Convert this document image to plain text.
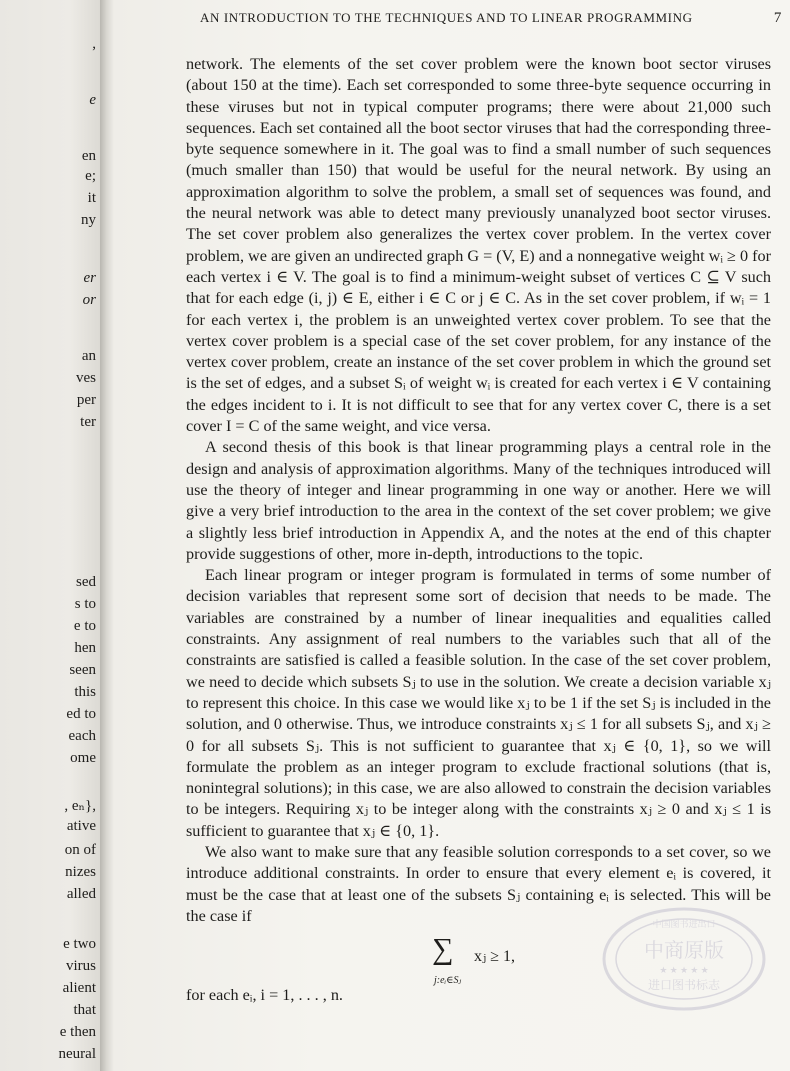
,
e
en
e;
it
ny
er
or
an
ves
per
ter
sed
s to
e to
hen
seen
this
ed to
each
ome
, eₙ},
ative
on of
nizes
alled
e two
virus
alient
that
e then
neural
AN INTRODUCTION TO THE TECHNIQUES AND TO LINEAR PROGRAMMING	7

network. The elements of the set cover problem were the known boot sector viruses (about 150 at the time). Each set corresponded to some three-byte sequence occurring in these viruses but not in typical computer programs; there were about 21,000 such sequences. Each set contained all the boot sector viruses that had the corresponding three-byte sequence somewhere in it. The goal was to find a small number of such sequences (much smaller than 150) that would be useful for the neural network. By using an approximation algorithm to solve the problem, a small set of sequences was found, and the neural network was able to detect many previously unanalyzed boot sector viruses. The set cover problem also generalizes the vertex cover problem. In the vertex cover problem, we are given an undirected graph G = (V, E) and a nonnegative weight wᵢ ≥ 0 for each vertex i ∈ V. The goal is to find a minimum-weight subset of vertices C ⊆ V such that for each edge (i, j) ∈ E, either i ∈ C or j ∈ C. As in the set cover problem, if wᵢ = 1 for each vertex i, the problem is an unweighted vertex cover problem. To see that the vertex cover problem is a special case of the set cover problem, for any instance of the vertex cover problem, create an instance of the set cover problem in which the ground set is the set of edges, and a subset Sᵢ of weight wᵢ is created for each vertex i ∈ V containing the edges incident to i. It is not difficult to see that for any vertex cover C, there is a set cover I = C of the same weight, and vice versa.

A second thesis of this book is that linear programming plays a central role in the design and analysis of approximation algorithms. Many of the techniques introduced will use the theory of integer and linear programming in one way or another. Here we will give a very brief introduction to the area in the context of the set cover problem; we give a slightly less brief introduction in Appendix A, and the notes at the end of this chapter provide suggestions of other, more in-depth, introductions to the topic.

Each linear program or integer program is formulated in terms of some number of decision variables that represent some sort of decision that needs to be made. The variables are constrained by a number of linear inequalities and equalities called constraints. Any assignment of real numbers to the variables such that all of the constraints are satisfied is called a feasible solution. In the case of the set cover problem, we need to decide which subsets Sⱼ to use in the solution. We create a decision variable xⱼ to represent this choice. In this case we would like xⱼ to be 1 if the set Sⱼ is included in the solution, and 0 otherwise. Thus, we introduce constraints xⱼ ≤ 1 for all subsets Sⱼ, and xⱼ ≥ 0 for all subsets Sⱼ. This is not sufficient to guarantee that xⱼ ∈ {0, 1}, so we will formulate the problem as an integer program to exclude fractional solutions (that is, nonintegral solutions); in this case, we are also allowed to constrain the decision variables to be integers. Requiring xⱼ to be integer along with the constraints xⱼ ≥ 0 and xⱼ ≤ 1 is sufficient to guarantee that xⱼ ∈ {0, 1}.

We also want to make sure that any feasible solution corresponds to a set cover, so we introduce additional constraints. In order to ensure that every element eᵢ is covered, it must be the case that at least one of the subsets Sⱼ containing eᵢ is selected. This will be the case if

∑
j:eᵢ∈Sⱼ
xⱼ ≥ 1,

for each eᵢ, i = 1, . . . , n.

中国图书进出口
中商原版
★ ★ ★ ★ ★
进口图书标志
